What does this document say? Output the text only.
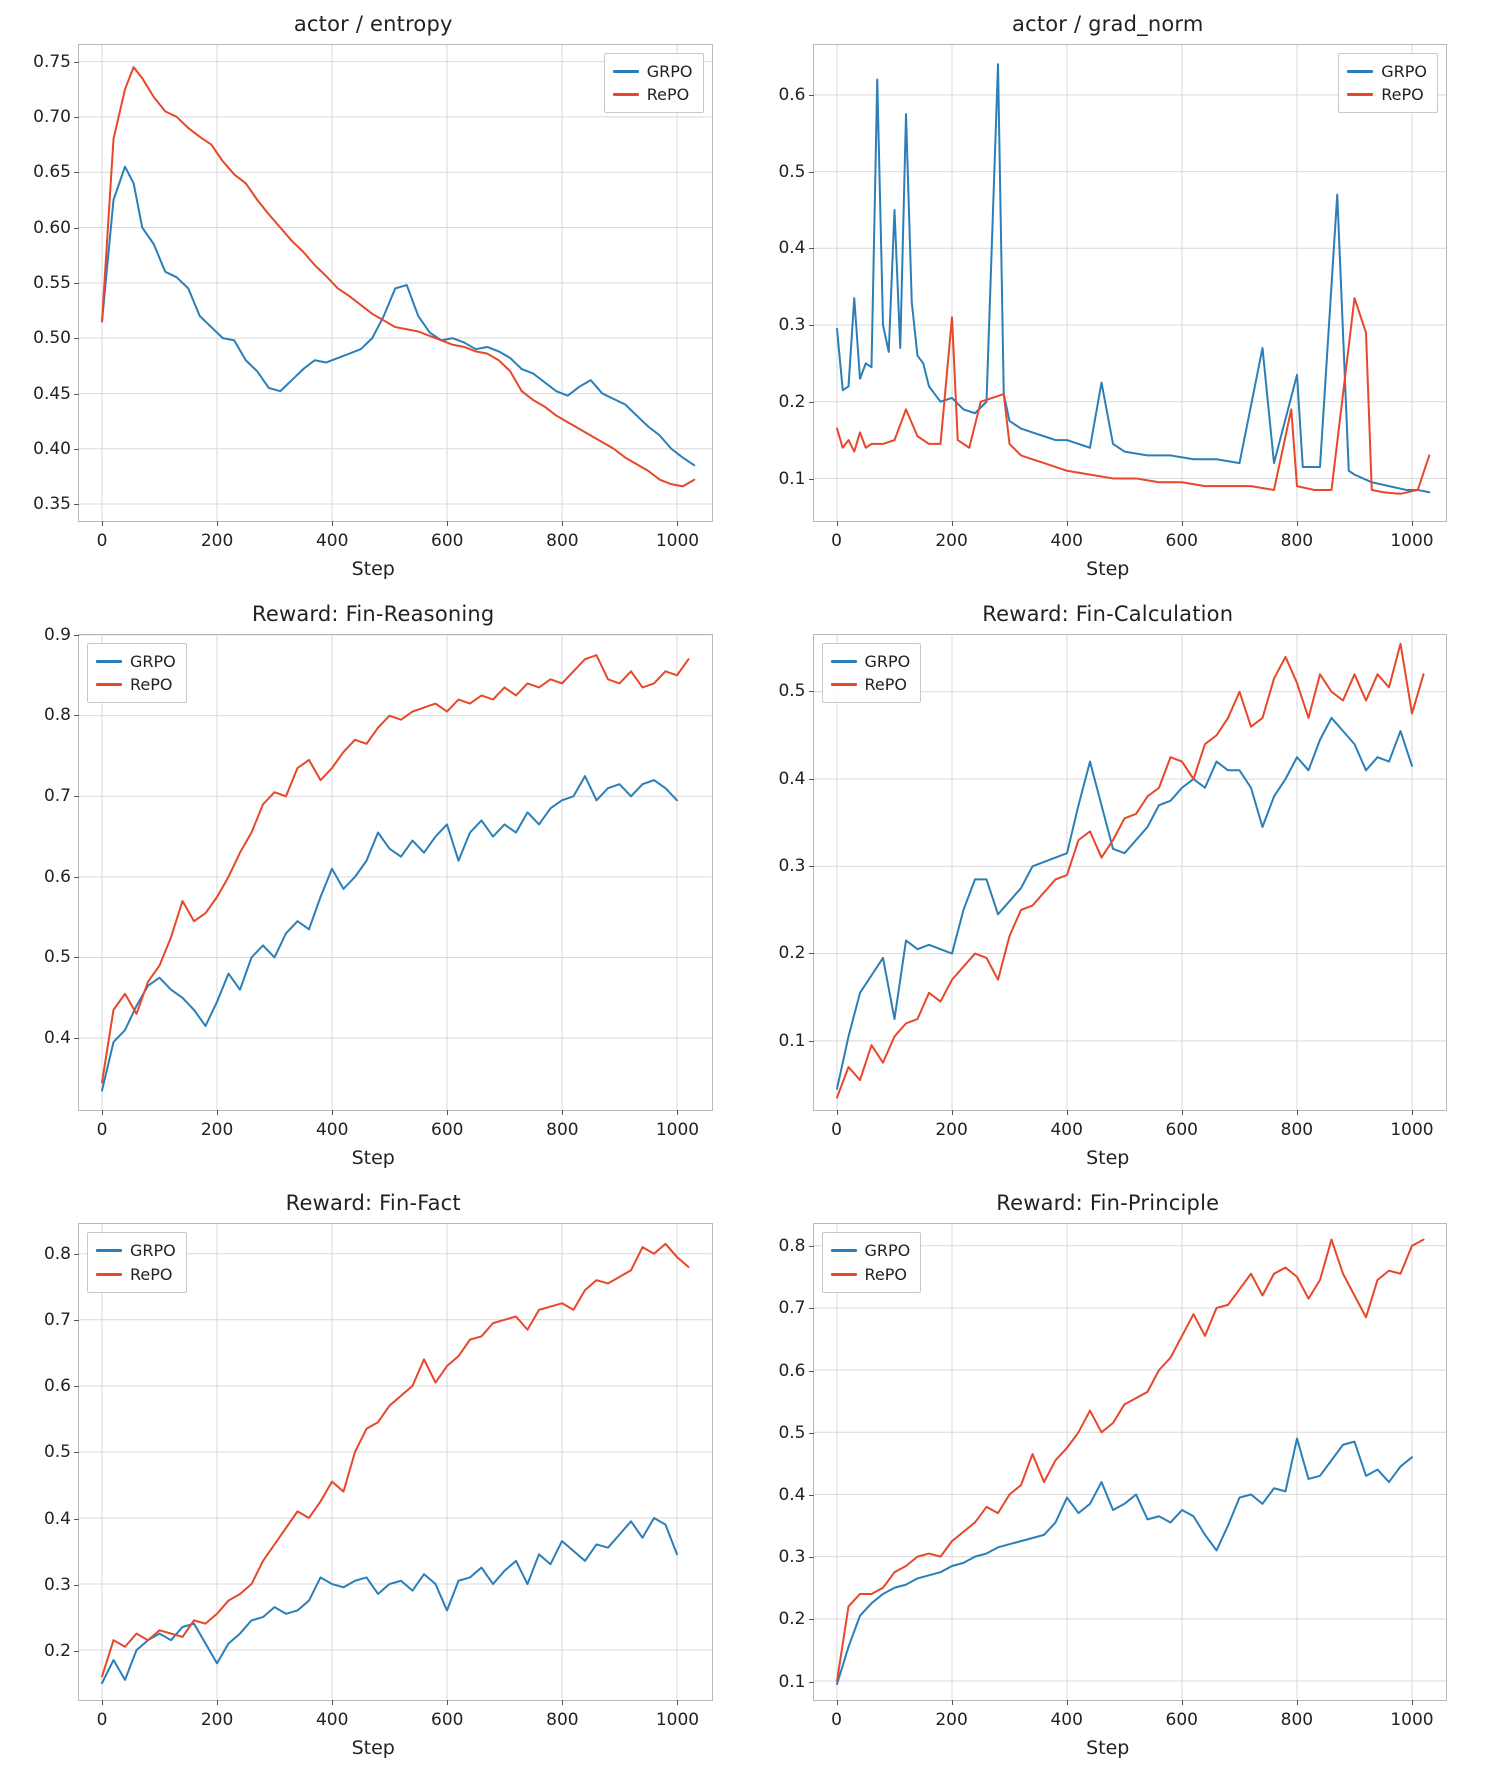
actor / entropy
GRPO
RePO
0.35
0.40
0.45
0.50
0.55
0.60
0.65
0.70
0.75
0	200	400	600	800	1000
Step
actor / grad_norm
GRPO
RePO
0.1
0.2
0.3
0.4
0.5
0.6
0	200	400	600	800	1000
Step
Reward: Fin-Reasoning
GRPO
RePO
0.4
0.5
0.6
0.7
0.8
0.9
0	200	400	600	800	1000
Step
Reward: Fin-Calculation
GRPO
RePO
0.1
0.2
0.3
0.4
0.5
0	200	400	600	800	1000
Step
Reward: Fin-Fact
GRPO
RePO
0.2
0.3
0.4
0.5
0.6
0.7
0.8
0	200	400	600	800	1000
Step
Reward: Fin-Principle
GRPO
RePO
0.1
0.2
0.3
0.4
0.5
0.6
0.7
0.8
0	200	400	600	800	1000
Step
